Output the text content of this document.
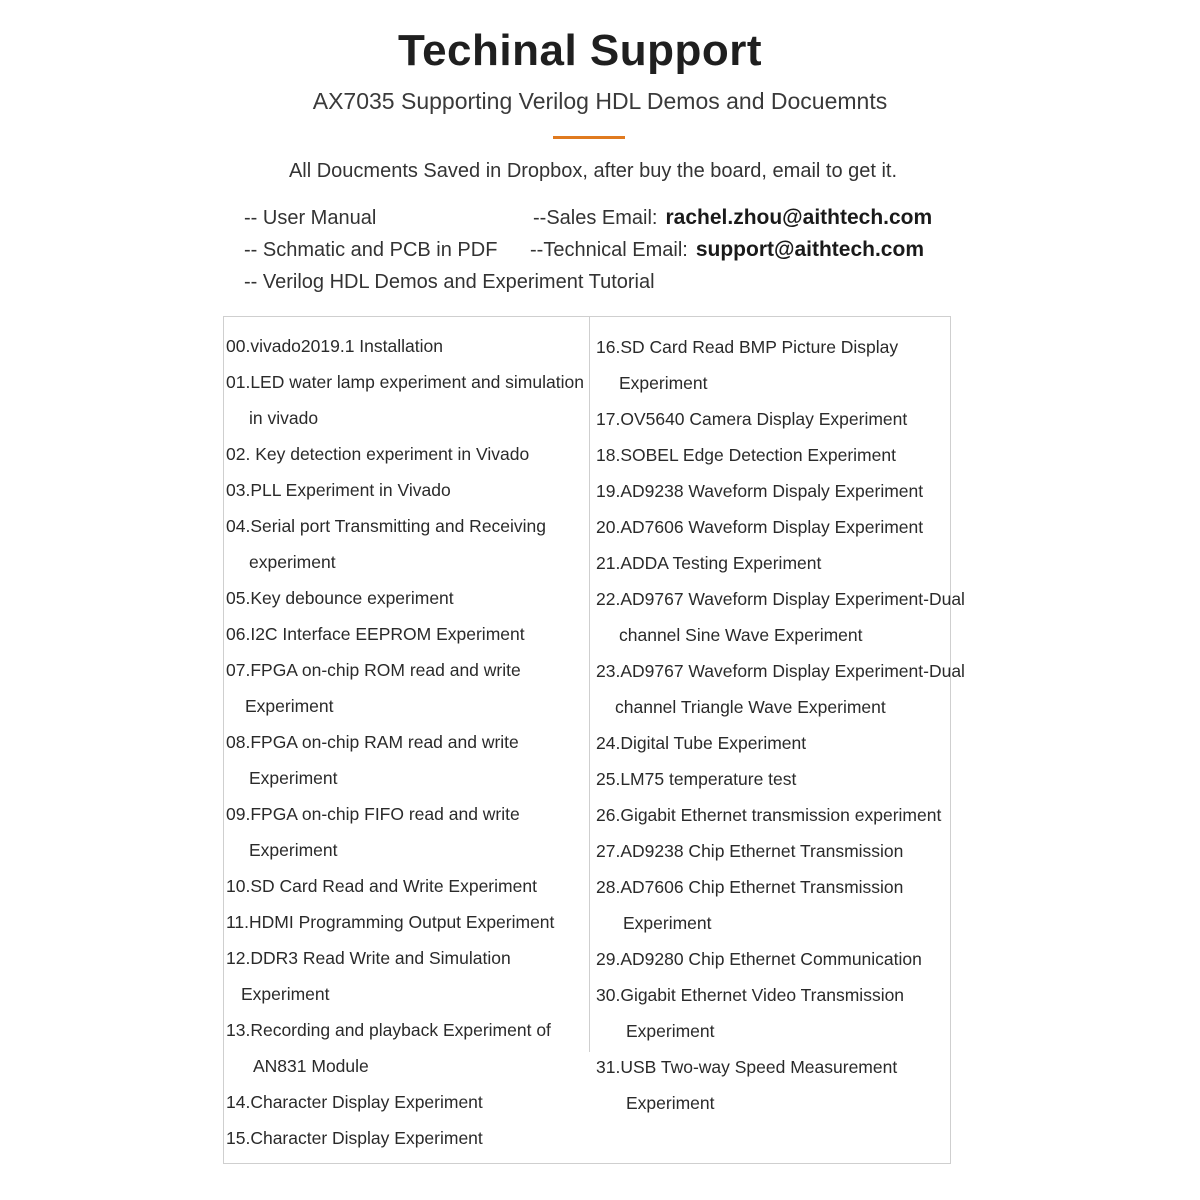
Techinal Support
AX7035 Supporting Verilog HDL Demos and Docuemnts
All Doucments Saved in Dropbox, after buy the board, email to get it.
-- User Manual
-- Schmatic and PCB in PDF
-- Verilog HDL Demos and Experiment Tutorial
--Sales Email: rachel.zhou@aithtech.com
--Technical Email: support@aithtech.com
00.vivado2019.1 Installation
01.LED water lamp experiment and simulation
in vivado
02. Key detection experiment in Vivado
03.PLL Experiment in Vivado
04.Serial port Transmitting and Receiving
experiment
05.Key debounce experiment
06.I2C Interface EEPROM Experiment
07.FPGA on-chip ROM read and write
Experiment
08.FPGA on-chip RAM read and write
Experiment
09.FPGA on-chip FIFO read and write
Experiment
10.SD Card Read and Write Experiment
11.HDMI Programming Output Experiment
12.DDR3 Read Write and Simulation
Experiment
13.Recording and playback Experiment of
AN831 Module
14.Character Display Experiment
15.Character Display Experiment
16.SD Card Read BMP Picture Display
Experiment
17.OV5640 Camera Display Experiment
18.SOBEL Edge Detection Experiment
19.AD9238 Waveform Dispaly Experiment
20.AD7606 Waveform Display Experiment
21.ADDA Testing Experiment
22.AD9767 Waveform Display Experiment-Dual
channel Sine Wave Experiment
23.AD9767 Waveform Display Experiment-Dual
channel Triangle Wave Experiment
24.Digital Tube Experiment
25.LM75 temperature test
26.Gigabit Ethernet transmission experiment
27.AD9238 Chip Ethernet Transmission
28.AD7606 Chip Ethernet Transmission
Experiment
29.AD9280 Chip Ethernet Communication
30.Gigabit Ethernet Video Transmission
Experiment
31.USB Two-way Speed Measurement
Experiment
